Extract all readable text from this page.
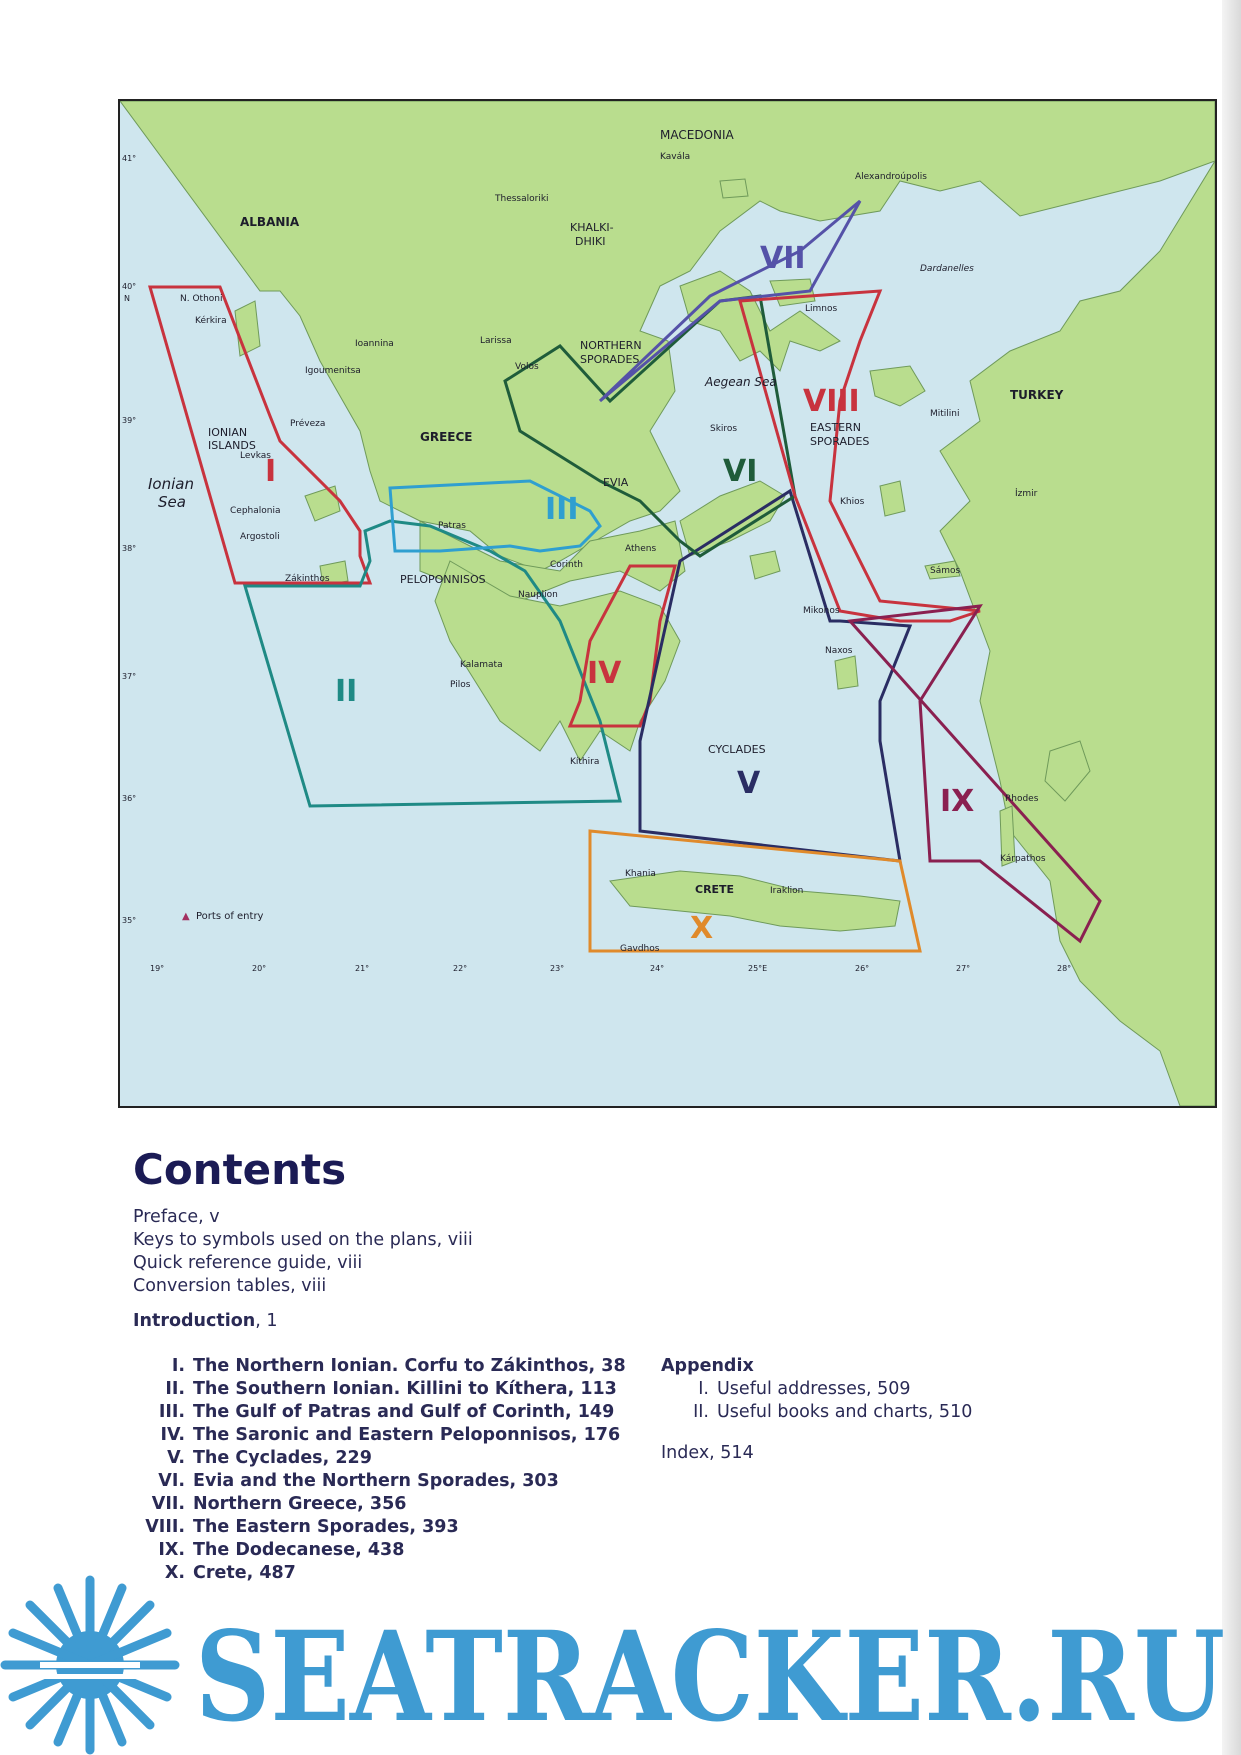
I
II
III
IV
V
VI
VII
VIII
IX
X
ALBANIA
GREECE
TURKEY
MACEDONIA
Ionian
Sea
Aegean Sea
IONIAN
ISLANDS
NORTHERN
SPORADES
PELOPONNISOS
EVIA
CYCLADES
EASTERN
SPORADES
CRETE
KHALKI-
DHIKI
Thessaloriki
Kavála
Alexandroúpolis
Kérkira
N. Othoni
Ioannina	Larissa
Volos
Igoumenitsa
Préveza
Levkas
Cephalonia
Argostoli
Zákinthos
Patras
Athens
Corinth
Nauplion
Kalamata
Pilos
Khios
Mitilini
İzmir
Sámos
Rhodes
Kárpathos
Naxos
Mikonos
Iraklion
Khania
Gavdhos
Dardanelles
Limnos
Skiros
Kíthira
41°
40°
N
39°
38°
37°
36°
35°
19°	20°	21°	22°	23°	24°	25°E	26°	27°	28°
▲ Ports of entry
Contents
Preface, v
Keys to symbols used on the plans, viii
Quick reference guide, viii
Conversion tables, viii
Introduction, 1
I. The Northern Ionian. Corfu to Zákinthos, 38
II. The Southern Ionian. Killini to Kíthera, 113
III. The Gulf of Patras and Gulf of Corinth, 149
IV. The Saronic and Eastern Peloponnisos, 176
V. The Cyclades, 229
VI. Evia and the Northern Sporades, 303
VII. Northern Greece, 356
VIII. The Eastern Sporades, 393
IX. The Dodecanese, 438
X. Crete, 487
Appendix
I. Useful addresses, 509
II. Useful books and charts, 510
Index, 514
SEATRACKER.RU
